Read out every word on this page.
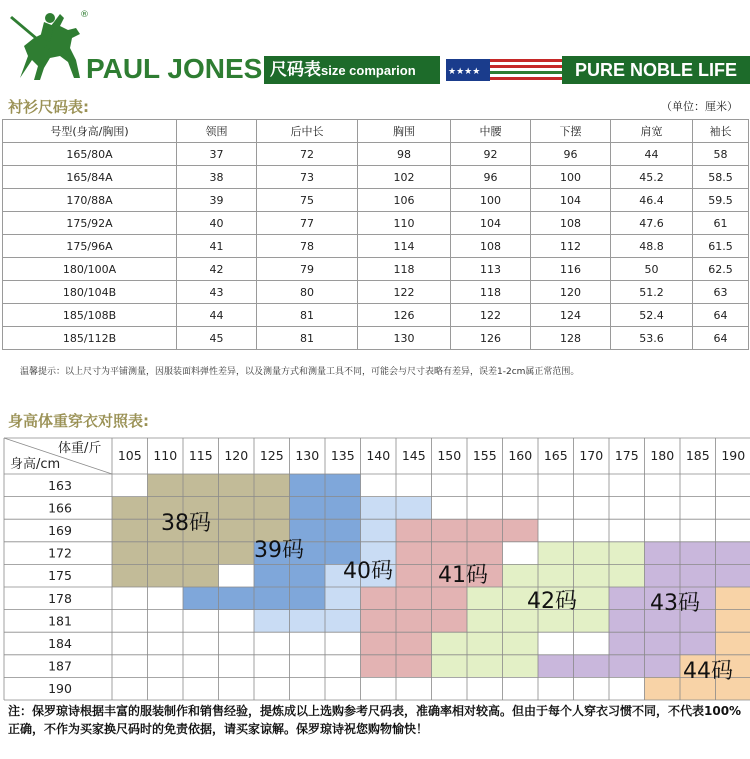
®
PAUL JONES 尺码表size comparion	★★★★	PURE NOBLE LIFE
衬衫尺码表:	（单位：厘米）
号型(身高/胸围)	领围	后中长	胸围	中腰	下摆	肩宽	袖长
165/80A	37	72	98	92	96	44	58
165/84A	38	73	102	96	100	45.2	58.5
170/88A	39	75	106	100	104	46.4	59.5
175/92A	40	77	110	104	108	47.6	61
175/96A	41	78	114	108	112	48.8	61.5
180/100A	42	79	118	113	116	50	62.5
180/104B	43	80	122	118	120	51.2	63
185/108B	44	81	126	122	124	52.4	64
185/112B	45	81	130	126	128	53.6	64
温馨提示：以上尺寸为平铺测量，因服装面料弹性差异，以及测量方式和测量工具不同，可能会与尺寸表略有差异，误差1-2cm属正常范围。
身高体重穿衣对照表:
体重/斤
身高/cm
105 110 115 120 125 130 135 140 145 150 155 160 165 170 175 180 185 190
163
166
169
172
175
178
181
184
187
190
38码
39码
40码 41码
42码	43码
44码
注：保罗琼诗根据丰富的服装制作和销售经验，提炼成以上选购参考尺码表，准确率相对较高。但由于每个人穿衣习惯不同，不代表100%正确，不作为买家换尺码时的免责依据，请买家谅解。保罗琼诗祝您购物愉快！
